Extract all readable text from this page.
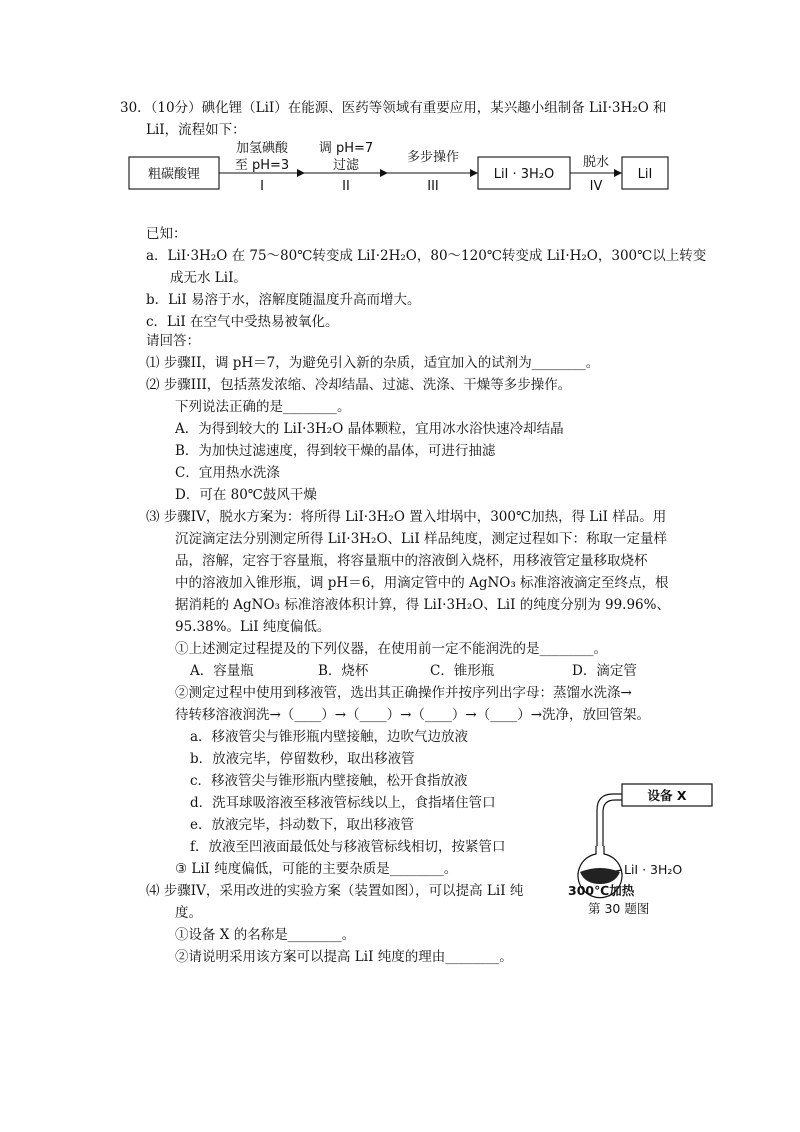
30．（10分）碘化锂（LiI）在能源、医药等领域有重要应用，某兴趣小组制备 LiI·3H₂O 和
LiI，流程如下：
粗碳酸锂
加氢碘酸
至 pH=3
I
调 pH=7
过滤
II
多步操作
III
LiI · 3H₂O
脱水
IV
LiI
已知：
a．LiI·3H₂O 在 75～80℃转变成 LiI·2H₂O，80～120℃转变成 LiI·H₂O，300℃以上转变
成无水 LiI。
b．LiI 易溶于水，溶解度随温度升高而增大。
c．LiI 在空气中受热易被氧化。
请回答：
⑴ 步骤II，调 pH＝7，为避免引入新的杂质，适宜加入的试剂为________。
⑵ 步骤III，包括蒸发浓缩、冷却结晶、过滤、洗涤、干燥等多步操作。
下列说法正确的是________。
A．为得到较大的 LiI·3H₂O 晶体颗粒，宜用冰水浴快速冷却结晶
B．为加快过滤速度，得到较干燥的晶体，可进行抽滤
C．宜用热水洗涤
D．可在 80℃鼓风干燥
⑶ 步骤IV，脱水方案为：将所得 LiI·3H₂O 置入坩埚中，300℃加热，得 LiI 样品。用
沉淀滴定法分别测定所得 LiI·3H₂O、LiI 样品纯度，测定过程如下：称取一定量样
品，溶解，定容于容量瓶，将容量瓶中的溶液倒入烧杯，用移液管定量移取烧杯
中的溶液加入锥形瓶，调 pH＝6，用滴定管中的 AgNO₃ 标准溶液滴定至终点，根
据消耗的 AgNO₃ 标准溶液体积计算，得 LiI·3H₂O、LiI 的纯度分别为 99.96%、
95.38%。LiI 纯度偏低。
①上述测定过程提及的下列仪器，在使用前一定不能润洗的是________。
A．容量瓶	B．烧杯	C．锥形瓶	D．滴定管
②测定过程中使用到移液管，选出其正确操作并按序列出字母：蒸馏水洗涤→
待转移溶液润洗→（____）→（____）→（____）→（____）→洗净，放回管架。
a．移液管尖与锥形瓶内壁接触，边吹气边放液
b．放液完毕，停留数秒，取出移液管
c．移液管尖与锥形瓶内壁接触，松开食指放液
d．洗耳球吸溶液至移液管标线以上，食指堵住管口
e．放液完毕，抖动数下，取出移液管
f．放液至凹液面最低处与移液管标线相切，按紧管口
③ LiI 纯度偏低，可能的主要杂质是________。
⑷ 步骤IV，采用改进的实验方案（装置如图），可以提高 LiI 纯
度。
①设备 X 的名称是________。
②请说明采用该方案可以提高 LiI 纯度的理由________。
设备 X
LiI · 3H₂O
300℃加热
第 30 题图
